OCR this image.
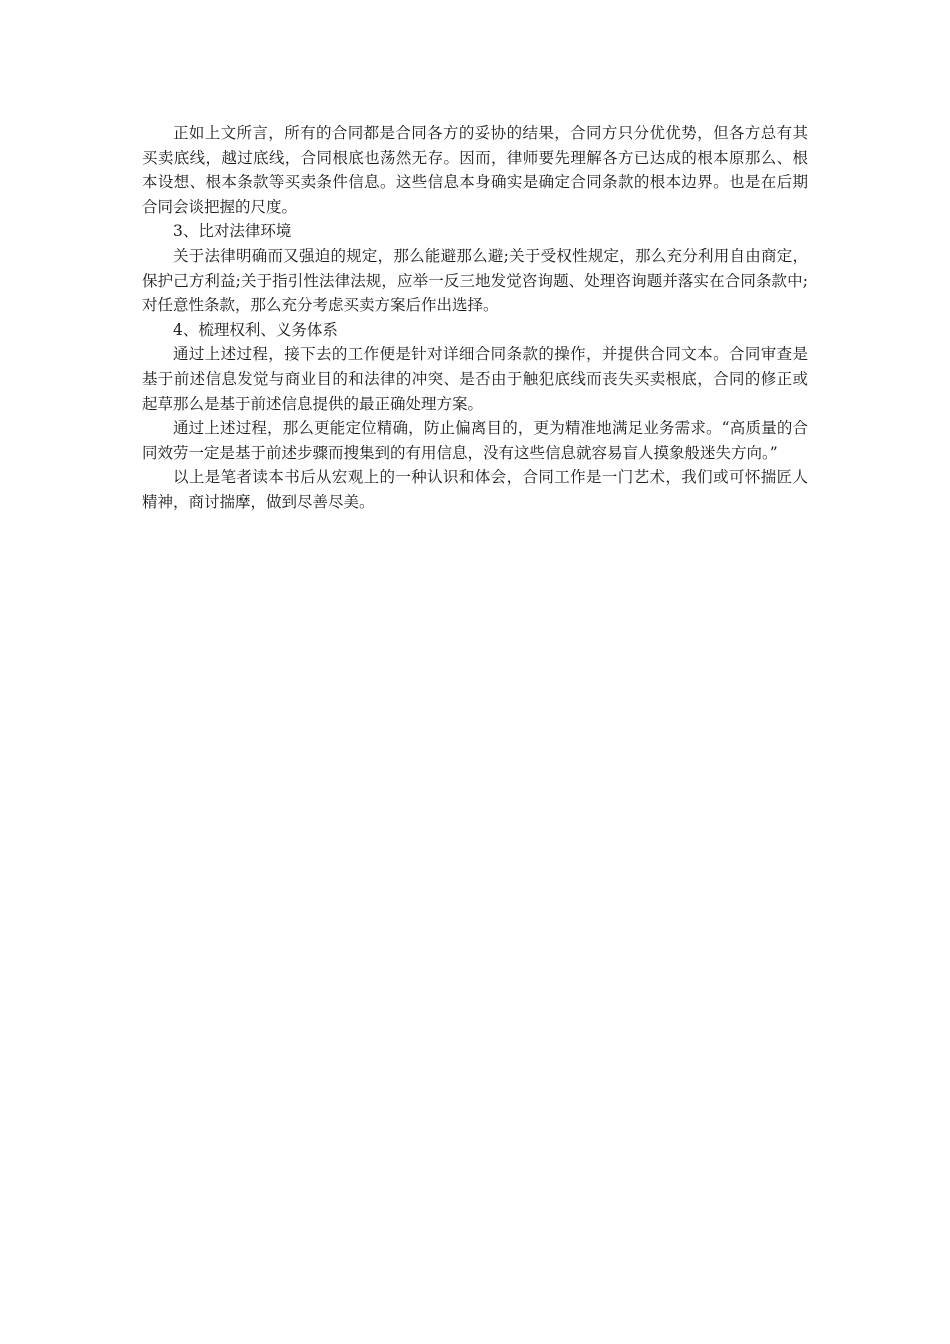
正如上文所言，所有的合同都是合同各方的妥协的结果，合同方只分优优势，但各方总有其买卖底线，越过底线，合同根底也荡然无存。因而，律师要先理解各方已达成的根本原那么、根本设想、根本条款等买卖条件信息。这些信息本身确实是确定合同条款的根本边界。也是在后期合同会谈把握的尺度。

3、比对法律环境

关于法律明确而又强迫的规定，那么能避那么避;关于受权性规定，那么充分利用自由商定，保护己方利益;关于指引性法律法规，应举一反三地发觉咨询题、处理咨询题并落实在合同条款中;对任意性条款，那么充分考虑买卖方案后作出选择。

4、梳理权利、义务体系

通过上述过程，接下去的工作便是针对详细合同条款的操作，并提供合同文本。合同审查是基于前述信息发觉与商业目的和法律的冲突、是否由于触犯底线而丧失买卖根底，合同的修正或起草那么是基于前述信息提供的最正确处理方案。

通过上述过程，那么更能定位精确，防止偏离目的，更为精准地满足业务需求。“高质量的合同效劳一定是基于前述步骤而搜集到的有用信息，没有这些信息就容易盲人摸象般迷失方向。”

以上是笔者读本书后从宏观上的一种认识和体会，合同工作是一门艺术，我们或可怀揣匠人精神，商讨揣摩，做到尽善尽美。
